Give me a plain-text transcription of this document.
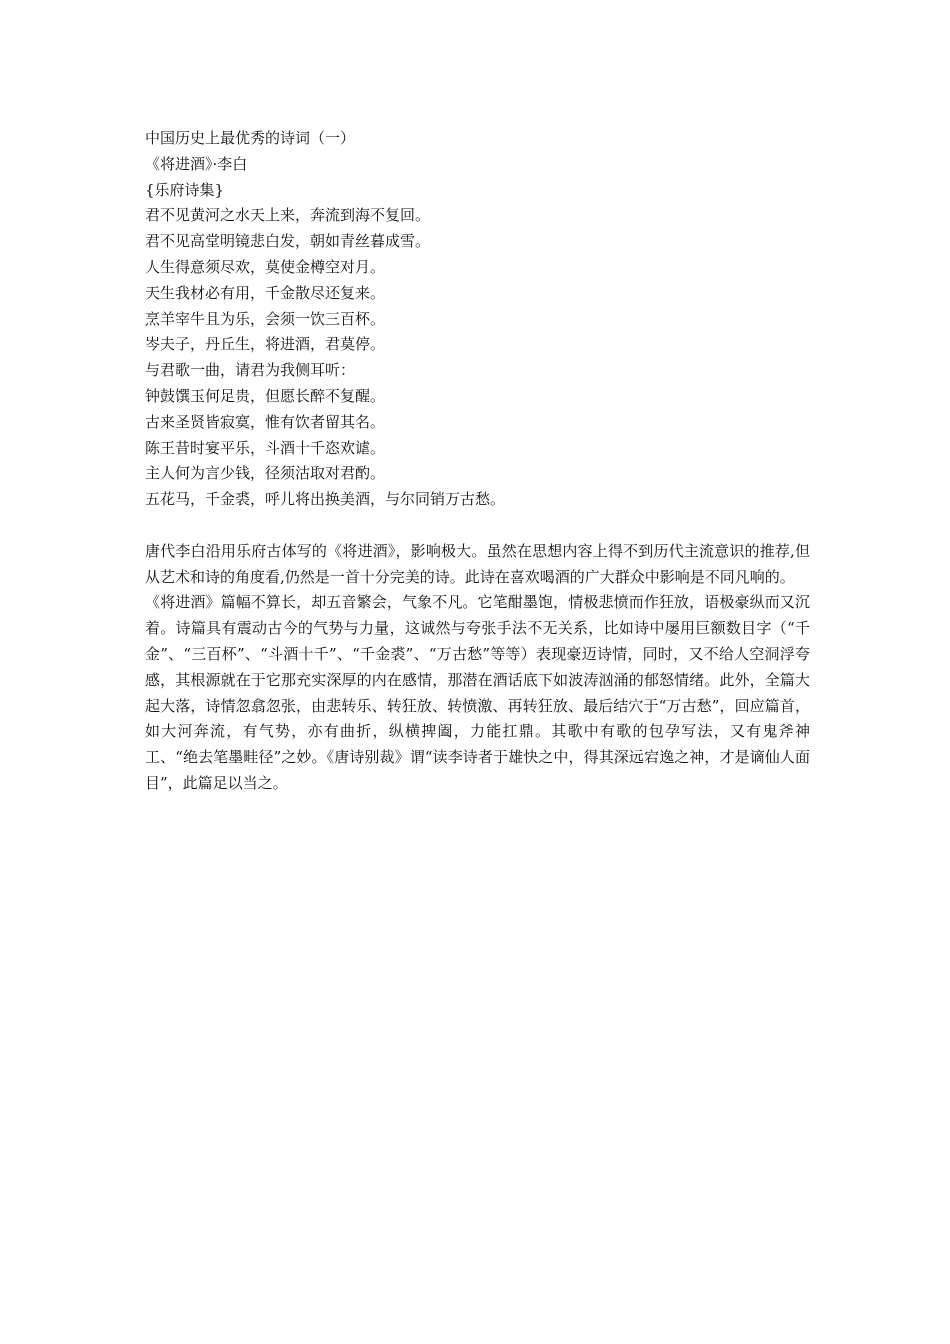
中国历史上最优秀的诗词（一）
《将进酒》·李白
{乐府诗集}
君不见黄河之水天上来，奔流到海不复回。
君不见高堂明镜悲白发，朝如青丝暮成雪。
人生得意须尽欢，莫使金樽空对月。
天生我材必有用，千金散尽还复来。
烹羊宰牛且为乐，会须一饮三百杯。
岑夫子，丹丘生，将进酒，君莫停。
与君歌一曲，请君为我侧耳听：
钟鼓馔玉何足贵，但愿长醉不复醒。
古来圣贤皆寂寞，惟有饮者留其名。
陈王昔时宴平乐，斗酒十千恣欢谑。
主人何为言少钱，径须沽取对君酌。
五花马，千金裘，呼儿将出换美酒，与尔同销万古愁。

唐代李白沿用乐府古体写的《将进酒》，影响极大。虽然在思想内容上得不到历代主流意识的推荐,但从艺术和诗的角度看,仍然是一首十分完美的诗。此诗在喜欢喝酒的广大群众中影响是不同凡响的。

《将进酒》篇幅不算长，却五音繁会，气象不凡。它笔酣墨饱，情极悲愤而作狂放，语极豪纵而又沉着。诗篇具有震动古今的气势与力量，这诚然与夸张手法不无关系，比如诗中屡用巨额数目字（“千金”、“三百杯”、“斗酒十千”、“千金裘”、“万古愁”等等）表现豪迈诗情，同时，又不给人空洞浮夸感，其根源就在于它那充实深厚的内在感情，那潜在酒话底下如波涛汹涌的郁怒情绪。此外，全篇大起大落，诗情忽翕忽张，由悲转乐、转狂放、转愤激、再转狂放、最后结穴于“万古愁”，回应篇首，如大河奔流，有气势，亦有曲折，纵横捭阖，力能扛鼎。其歌中有歌的包孕写法，又有鬼斧神工、“绝去笔墨畦径”之妙。《唐诗别裁》谓“读李诗者于雄快之中，得其深远宕逸之神，才是谪仙人面目”，此篇足以当之。
